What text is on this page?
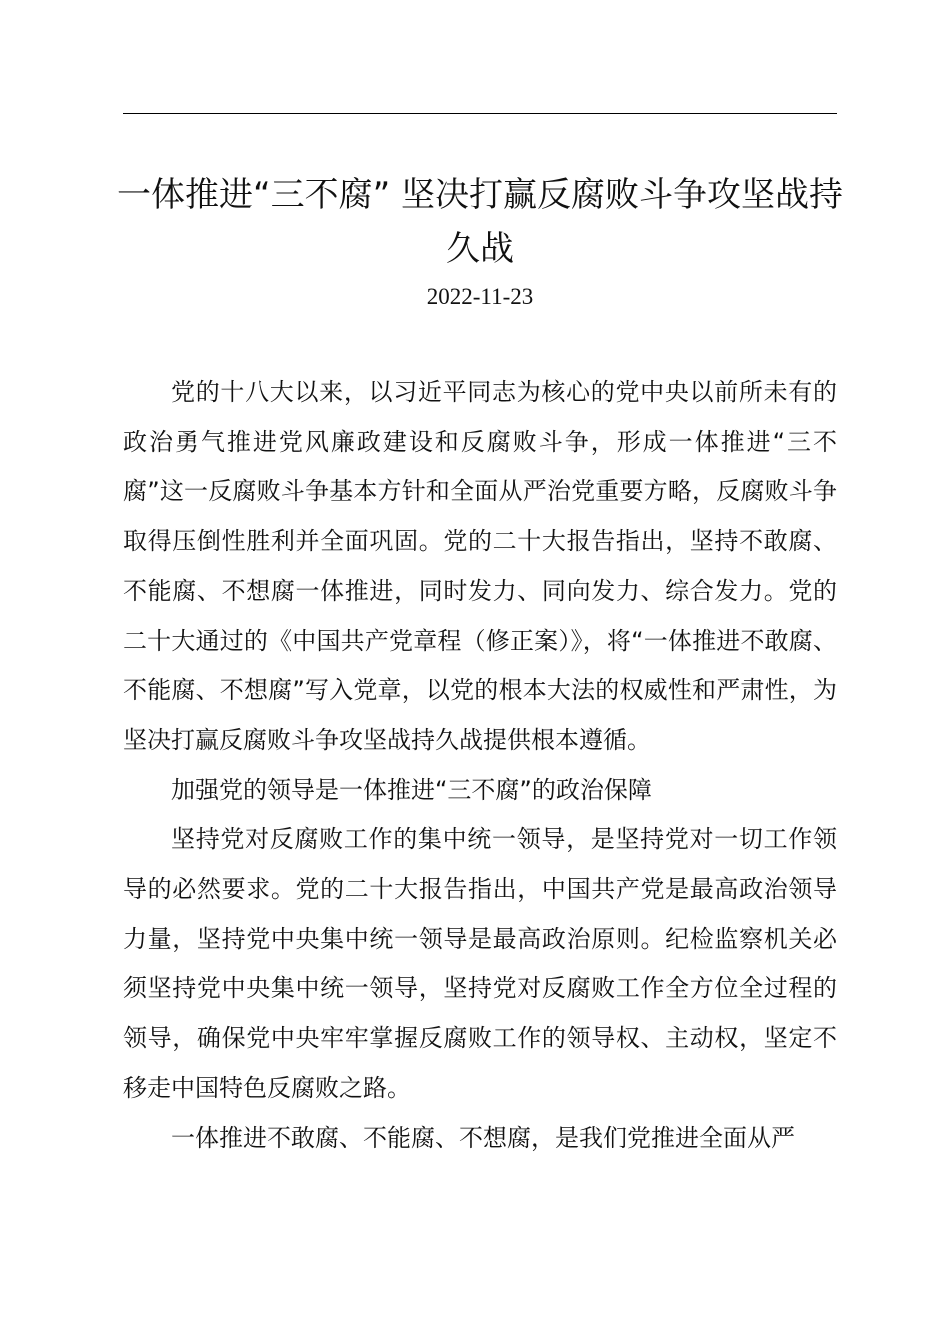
一体推进“三不腐” 坚决打赢反腐败斗争攻坚战持久战
2022-11-23

党的十八大以来，以习近平同志为核心的党中央以前所未有的政治勇气推进党风廉政建设和反腐败斗争，形成一体推进“三不腐”这一反腐败斗争基本方针和全面从严治党重要方略，反腐败斗争取得压倒性胜利并全面巩固。党的二十大报告指出，坚持不敢腐、不能腐、不想腐一体推进，同时发力、同向发力、综合发力。党的二十大通过的《中国共产党章程（修正案）》，将“一体推进不敢腐、不能腐、不想腐”写入党章，以党的根本大法的权威性和严肃性，为坚决打赢反腐败斗争攻坚战持久战提供根本遵循。

加强党的领导是一体推进“三不腐”的政治保障

坚持党对反腐败工作的集中统一领导，是坚持党对一切工作领导的必然要求。党的二十大报告指出，中国共产党是最高政治领导力量，坚持党中央集中统一领导是最高政治原则。纪检监察机关必须坚持党中央集中统一领导，坚持党对反腐败工作全方位全过程的领导，确保党中央牢牢掌握反腐败工作的领导权、主动权，坚定不移走中国特色反腐败之路。

一体推进不敢腐、不能腐、不想腐，是我们党推进全面从严
